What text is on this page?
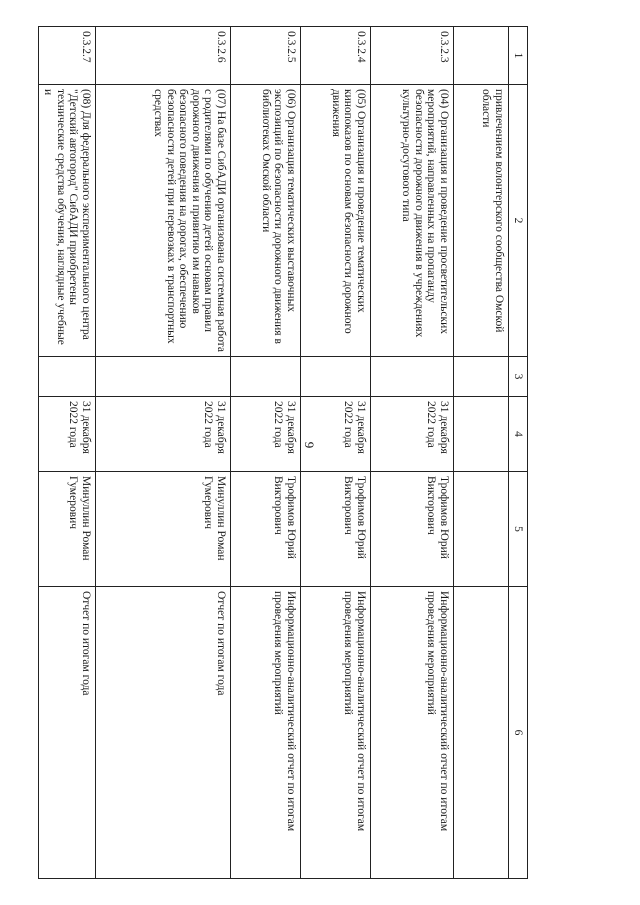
9
1	2	3	4	5	6
	привлечением волонтерского сообщества Омской области				
0.3.2.3	(04) Организация и проведение просветительских мероприятий, направленных на пропаганду безопасности дорожного движения в учреждениях культурно-досугового типа		31 декабря 2022 года	Трофимов Юрий Викторович	Информационно-аналитический отчет по итогам проведения мероприятий
0.3.2.4	(05) Организация и проведение тематических кинопоказов по основам безопасности дорожного движения		31 декабря 2022 года	Трофимов Юрий Викторович	Информационно-аналитический отчет по итогам проведения мероприятий
0.3.2.5	(06) Организация тематических выставочных экспозиций по безопасности дорожного движения в библиотеках Омской области		31 декабря 2022 года	Трофимов Юрий Викторович	Информационно-аналитический отчет по итогам проведения мероприятий
0.3.2.6	(07) На базе СибАДИ организована системная работа с родителями по обучению детей основам правил дорожного движения и привитию им навыков безопасного поведения на дорогах, обеспечению безопасности детей при перевозках в транспортных средствах		31 декабря 2022 года	Минуллин Роман Гумерович	Отчет по итогам года
0.3.2.7	(08) Для федерального экспериментального центра "Детский автогород" СибАДИ приобретены технические средства обучения, наглядные учебные и		31 декабря 2022 года	Минуллин Роман Гумерович	Отчет по итогам года
